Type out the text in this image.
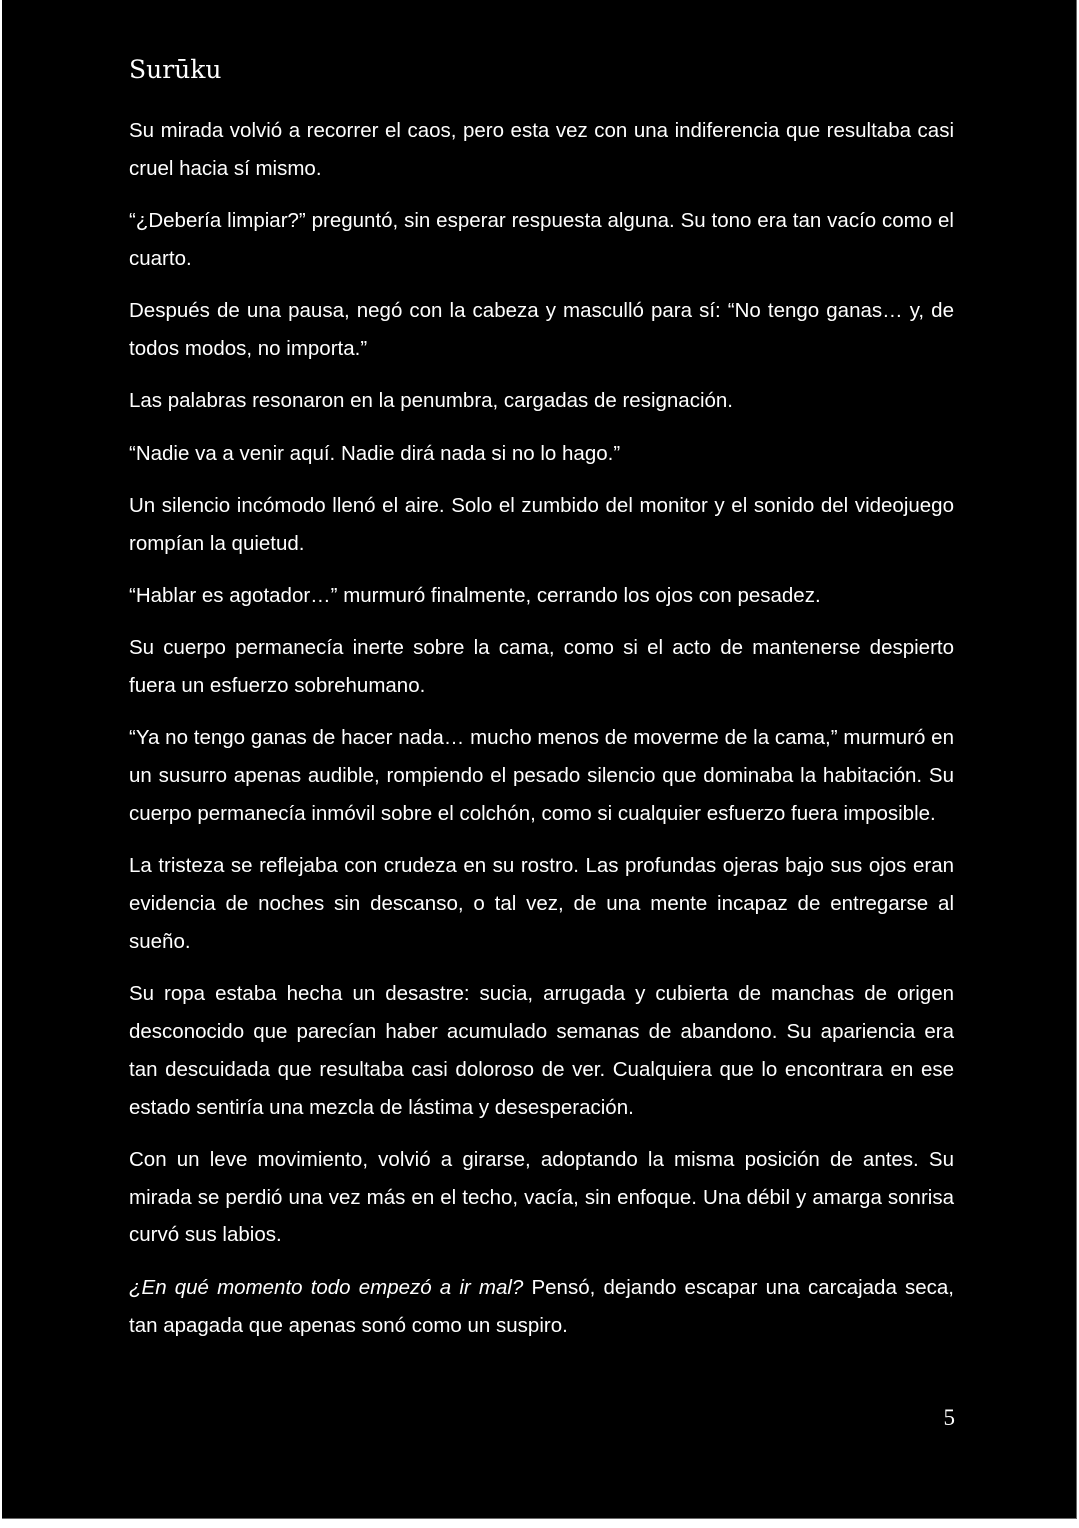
Surūku

Su mirada volvió a recorrer el caos, pero esta vez con una indiferencia que resultaba casi cruel hacia sí mismo.

“¿Debería limpiar?” preguntó, sin esperar respuesta alguna. Su tono era tan vacío como el cuarto.

Después de una pausa, negó con la cabeza y masculló para sí: “No tengo ganas… y, de todos modos, no importa.”

Las palabras resonaron en la penumbra, cargadas de resignación.

“Nadie va a venir aquí. Nadie dirá nada si no lo hago.”

Un silencio incómodo llenó el aire. Solo el zumbido del monitor y el sonido del videojuego rompían la quietud.

“Hablar es agotador…” murmuró finalmente, cerrando los ojos con pesadez.

Su cuerpo permanecía inerte sobre la cama, como si el acto de mantenerse despierto fuera un esfuerzo sobrehumano.

“Ya no tengo ganas de hacer nada… mucho menos de moverme de la cama,” murmuró en un susurro apenas audible, rompiendo el pesado silencio que dominaba la habitación. Su cuerpo permanecía inmóvil sobre el colchón, como si cualquier esfuerzo fuera imposible.

La tristeza se reflejaba con crudeza en su rostro. Las profundas ojeras bajo sus ojos eran evidencia de noches sin descanso, o tal vez, de una mente incapaz de entregarse al sueño.

Su ropa estaba hecha un desastre: sucia, arrugada y cubierta de manchas de origen desconocido que parecían haber acumulado semanas de abandono. Su apariencia era tan descuidada que resultaba casi doloroso de ver. Cualquiera que lo encontrara en ese estado sentiría una mezcla de lástima y desesperación.

Con un leve movimiento, volvió a girarse, adoptando la misma posición de antes. Su mirada se perdió una vez más en el techo, vacía, sin enfoque. Una débil y amarga sonrisa curvó sus labios.

¿En qué momento todo empezó a ir mal? Pensó, dejando escapar una carcajada seca, tan apagada que apenas sonó como un suspiro.

5
